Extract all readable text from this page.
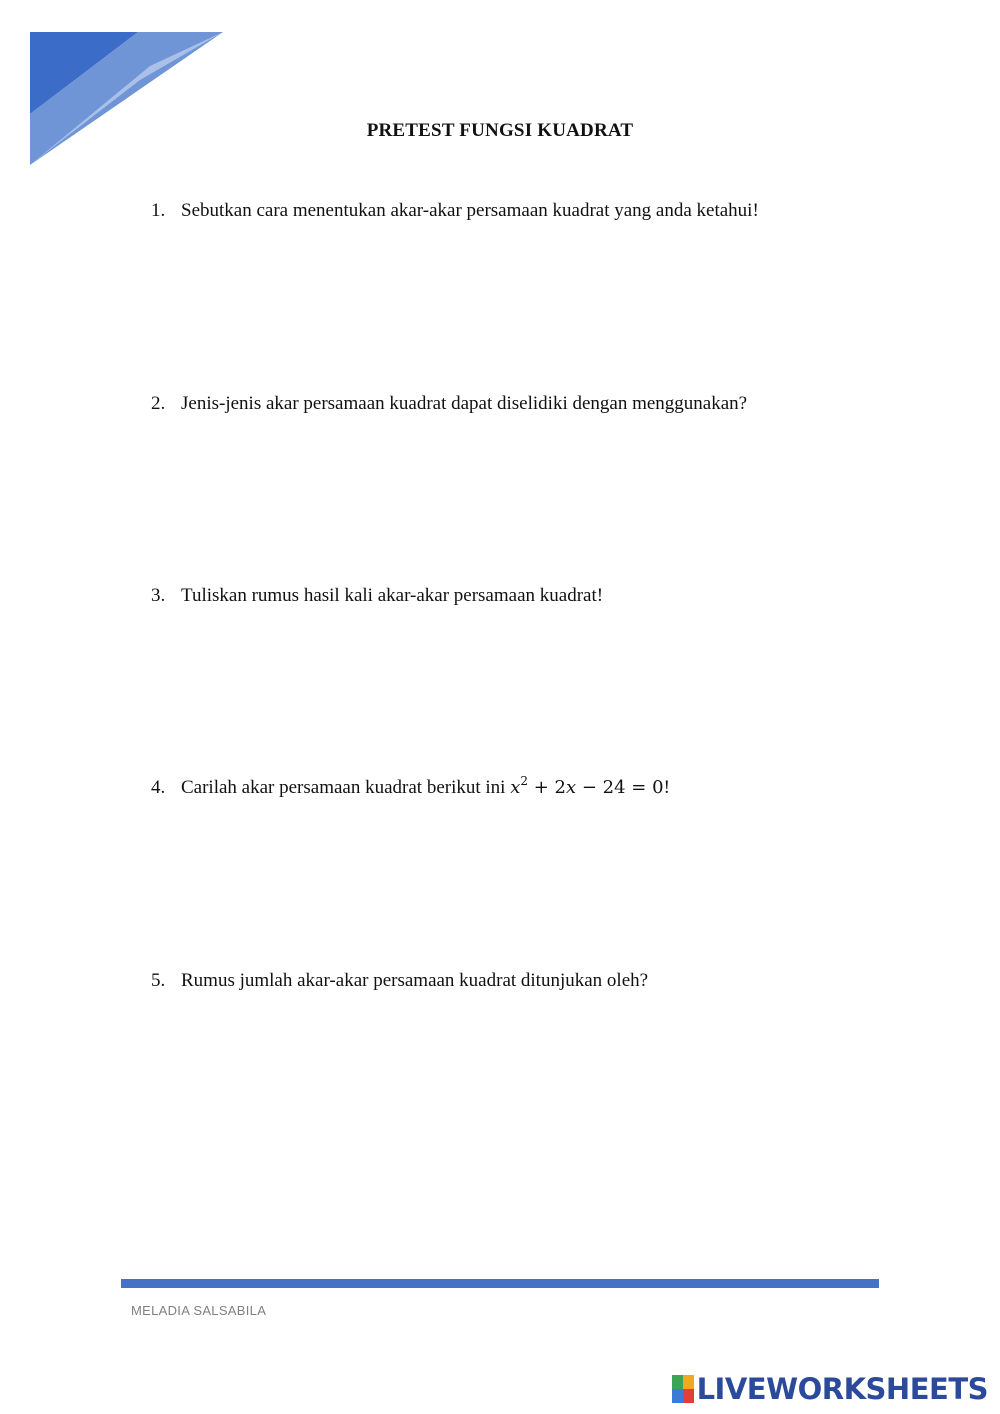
PRETEST FUNGSI KUADRAT
1. Sebutkan cara menentukan akar-akar persamaan kuadrat yang anda ketahui!
2. Jenis-jenis akar persamaan kuadrat dapat diselidiki dengan menggunakan?
3. Tuliskan rumus hasil kali akar-akar persamaan kuadrat!
4. Carilah akar persamaan kuadrat berikut ini $x^2 + 2x - 24 = 0$!
5. Rumus jumlah akar-akar persamaan kuadrat ditunjukan oleh?
MELADIA SALSABILA
LIVEWORKSHEETS
